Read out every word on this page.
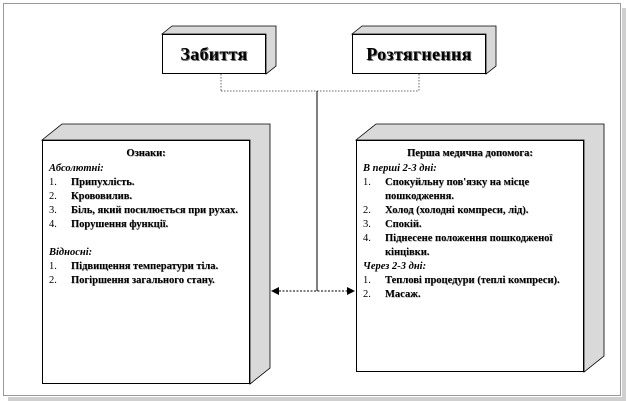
Забиття	Розтягнення
Ознаки:
Абсолютні:
1.	Припухлість.
2.	Крововилив.
3.	Біль, який посилюється при рухах.
4.	Порушення функції.
Відносні:
1.	Підвищення температури тіла.
2.	Погіршення загального стану.
Перша медична допомога:
В перші 2-3 дні:
1.	Спокуйльну пов'язку на місце пошкодження.
2.	Холод (холодні компреси, лід).
3.	Спокій.
4.	Піднесене положення пошкодженої кінцівки.
Через 2-3 дні:
1.	Теплові процедури (теплі компреси).
2.	Масаж.
